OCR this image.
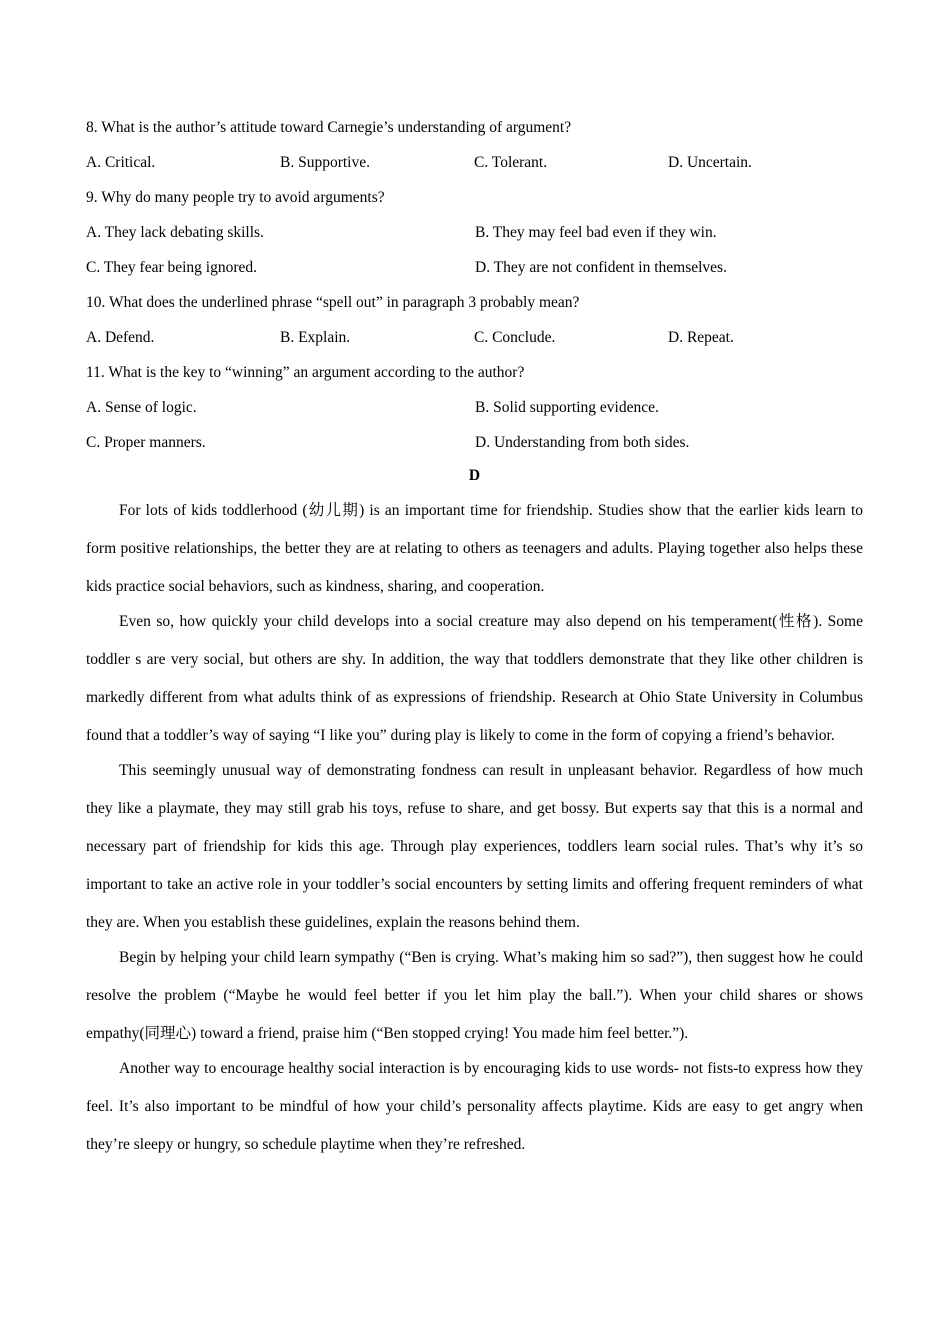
8. What is the author’s attitude toward Carnegie’s understanding of argument?
A. Critical.	B. Supportive.	C. Tolerant.	D. Uncertain.
9. Why do many people try to avoid arguments?
A. They lack debating skills.	B. They may feel bad even if they win.
C. They fear being ignored.	D. They are not confident in themselves.
10. What does the underlined phrase “spell out” in paragraph 3 probably mean?
A. Defend.	B. Explain.	C. Conclude.	D. Repeat.
11. What is the key to “winning” an argument according to the author?
A. Sense of logic.	B. Solid supporting evidence.
C. Proper manners.	D. Understanding from both sides.
D

For lots of kids toddlerhood (幼儿期) is an important time for friendship. Studies show that the earlier kids learn to form positive relationships, the better they are at relating to others as teenagers and adults. Playing together also helps these kids practice social behaviors, such as kindness, sharing, and cooperation.

Even so, how quickly your child develops into a social creature may also depend on his temperament(性格). Some toddler s are very social, but others are shy. In addition, the way that toddlers demonstrate that they like other children is markedly different from what adults think of as expressions of friendship. Research at Ohio State University in Columbus found that a toddler’s way of saying “I like you” during play is likely to come in the form of copying a friend’s behavior.

This seemingly unusual way of demonstrating fondness can result in unpleasant behavior. Regardless of how much they like a playmate, they may still grab his toys, refuse to share, and get bossy. But experts say that this is a normal and necessary part of friendship for kids this age. Through play experiences, toddlers learn social rules. That’s why it’s so important to take an active role in your toddler’s social encounters by setting limits and offering frequent reminders of what they are. When you establish these guidelines, explain the reasons behind them.

Begin by helping your child learn sympathy (“Ben is crying. What’s making him so sad?”), then suggest how he could resolve the problem (“Maybe he would feel better if you let him play the ball.”). When your child shares or shows empathy(同理心) toward a friend, praise him (“Ben stopped crying! You made him feel better.”).

Another way to encourage healthy social interaction is by encouraging kids to use words- not fists-to express how they feel. It’s also important to be mindful of how your child’s personality affects playtime. Kids are easy to get angry when they’re sleepy or hungry, so schedule playtime when they’re refreshed.
